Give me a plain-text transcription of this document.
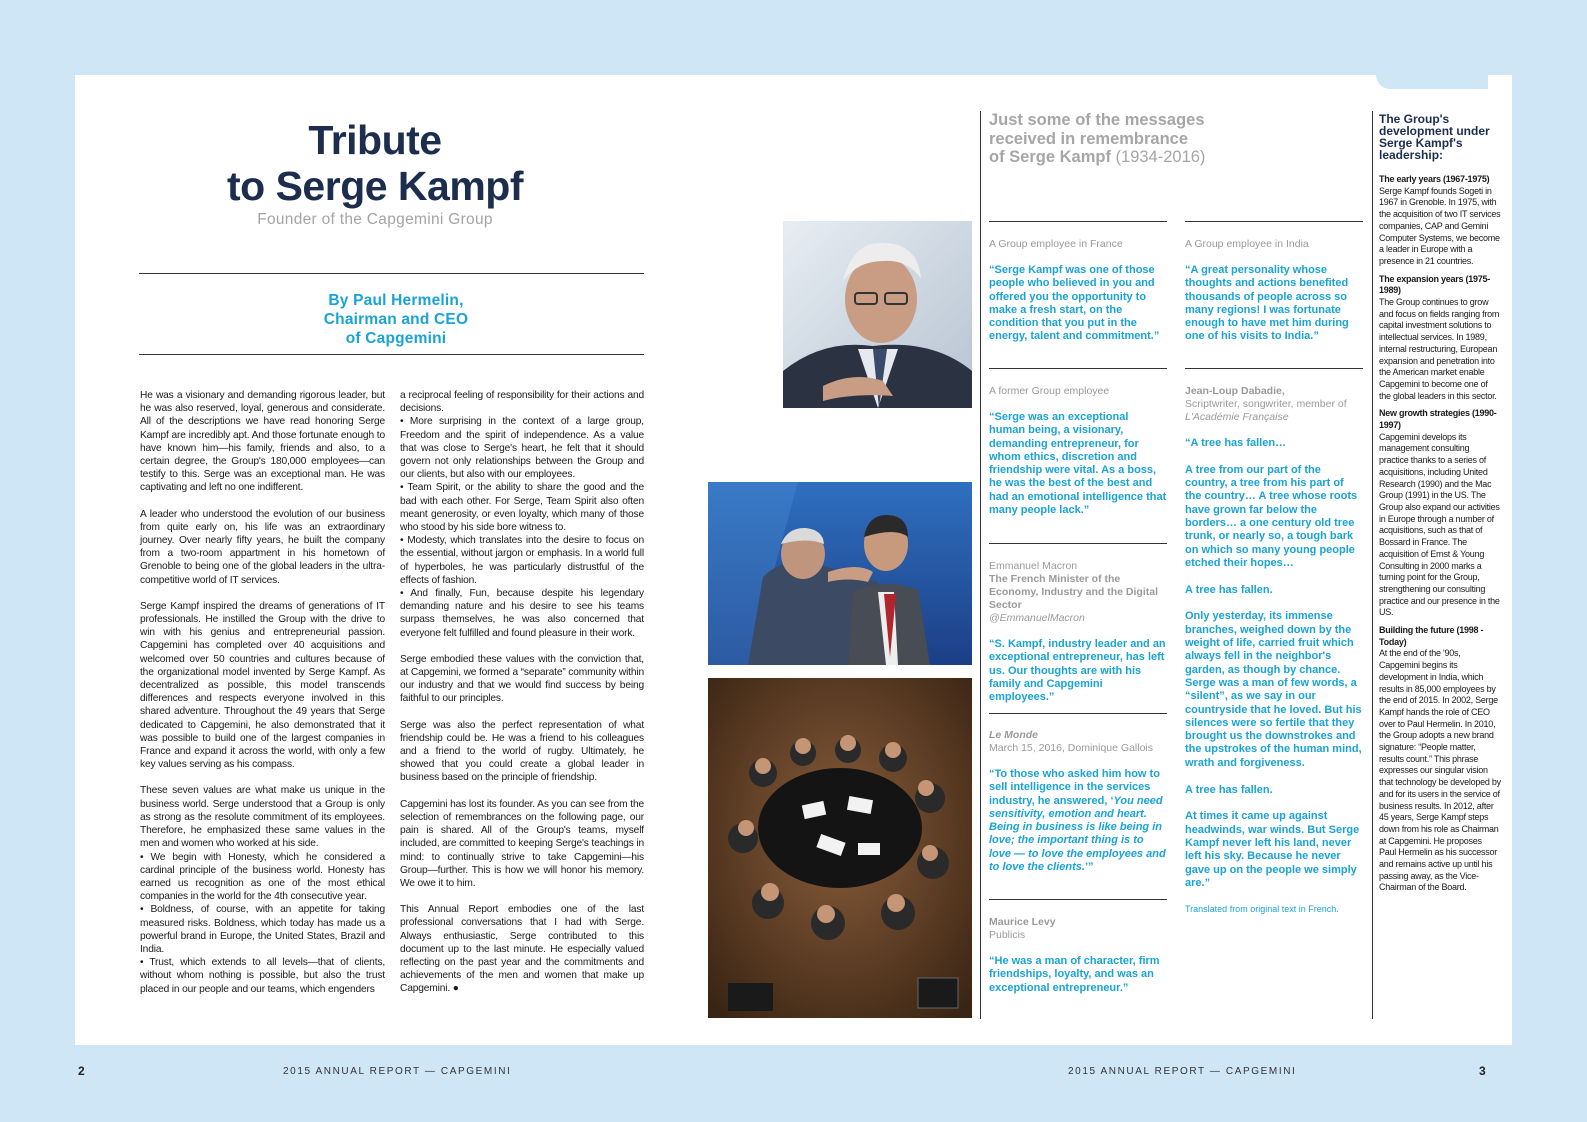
Tribute
to Serge Kampf
Founder of the Capgemini Group
By Paul Hermelin,
Chairman and CEO
of Capgemini

He was a visionary and demanding rigorous leader, but he was also reserved, loyal, generous and considerate. All of the descriptions we have read honoring Serge Kampf are incredibly apt. And those fortunate enough to have known him—his family, friends and also, to a certain degree, the Group's 180,000 employees—can testify to this. Serge was an exceptional man. He was captivating and left no one indifferent.

A leader who understood the evolution of our business from quite early on, his life was an extraordinary journey. Over nearly fifty years, he built the company from a two-room appartment in his hometown of Grenoble to being one of the global leaders in the ultra-competitive world of IT services.

Serge Kampf inspired the dreams of generations of IT professionals. He instilled the Group with the drive to win with his genius and entrepreneurial passion. Capgemini has completed over 40 acquisitions and welcomed over 50 countries and cultures because of the organizational model invented by Serge Kampf. As decentralized as possible, this model transcends differences and respects everyone involved in this shared adventure. Throughout the 49 years that Serge dedicated to Capgemini, he also demonstrated that it was possible to build one of the largest companies in France and expand it across the world, with only a few key values serving as his compass.

These seven values are what make us unique in the business world. Serge understood that a Group is only as strong as the resolute commitment of its employees. Therefore, he emphasized these same values in the men and women who worked at his side.

• We begin with Honesty, which he considered a cardinal principle of the business world. Honesty has earned us recognition as one of the most ethical companies in the world for the 4th consecutive year.

• Boldness, of course, with an appetite for taking measured risks. Boldness, which today has made us a powerful brand in Europe, the United States, Brazil and India.

• Trust, which extends to all levels—that of clients, without whom nothing is possible, but also the trust placed in our people and our teams, which engenders

a reciprocal feeling of responsibility for their actions and decisions.

• More surprising in the context of a large group, Freedom and the spirit of independence. As a value that was close to Serge's heart, he felt that it should govern not only relationships between the Group and our clients, but also with our employees.

• Team Spirit, or the ability to share the good and the bad with each other. For Serge, Team Spirit also often meant generosity, or even loyalty, which many of those who stood by his side bore witness to.

• Modesty, which translates into the desire to focus on the essential, without jargon or emphasis. In a world full of hyperboles, he was particularly distrustful of the effects of fashion.

• And finally, Fun, because despite his legendary demanding nature and his desire to see his teams surpass themselves, he was also concerned that everyone felt fulfilled and found pleasure in their work.

Serge embodied these values with the conviction that, at Capgemini, we formed a “separate” community within our industry and that we would find success by being faithful to our principles.

Serge was also the perfect representation of what friendship could be. He was a friend to his colleagues and a friend to the world of rugby. Ultimately, he showed that you could create a global leader in business based on the principle of friendship.

Capgemini has lost its founder. As you can see from the selection of remembrances on the following page, our pain is shared. All of the Group's teams, myself included, are committed to keeping Serge's teachings in mind: to continually strive to take Capgemini—his Group—further. This is how we will honor his memory. We owe it to him.

This Annual Report embodies one of the last professional conversations that I had with Serge. Always enthusiastic, Serge contributed to this document up to the last minute. He especially valued reflecting on the past year and the commitments and achievements of the men and women that make up Capgemini. ●

Just some of the messages
received in remembrance
of Serge Kampf (1934-2016)
A Group employee in France
“Serge Kampf was one of those people who believed in you and offered you the opportunity to make a fresh start, on the condition that you put in the energy, talent and commitment.”
A former Group employee
“Serge was an exceptional human being, a visionary, demanding entrepreneur, for whom ethics, discretion and friendship were vital. As a boss, he was the best of the best and had an emotional intelligence that many people lack.”
Emmanuel Macron
The French Minister of the Economy, Industry and the Digital Sector
@EmmanuelMacron
“S. Kampf, industry leader and an exceptional entrepreneur, has left us. Our thoughts are with his family and Capgemini employees.”
Le Monde
March 15, 2016, Dominique Gallois
“To those who asked him how to sell intelligence in the services industry, he answered, ‘You need sensitivity, emotion and heart. Being in business is like being in love; the important thing is to love — to love the employees and to love the clients.’”
Maurice Levy
Publicis
“He was a man of character, firm friendships, loyalty, and was an exceptional entrepreneur.”
A Group employee in India
“A great personality whose thoughts and actions benefited thousands of people across so many regions! I was fortunate enough to have met him during one of his visits to India.”
Jean-Loup Dabadie,
Scriptwriter, songwriter, member of L'Académie Française

“A tree has fallen…

A tree from our part of the country, a tree from his part of the country… A tree whose roots have grown far below the borders… a one century old tree trunk, or nearly so, a tough bark on which so many young people etched their hopes…

A tree has fallen.

Only yesterday, its immense branches, weighed down by the weight of life, carried fruit which always fell in the neighbor's garden, as though by chance. Serge was a man of few words, a “silent”, as we say in our countryside that he loved. But his silences were so fertile that they brought us the downstrokes and the upstrokes of the human mind, wrath and forgiveness.

A tree has fallen.

At times it came up against headwinds, war winds. But Serge Kampf never left his land, never left his sky. Because he never gave up on the people we simply are.”

Translated from original text in French.
The Group's development under Serge Kampf's leadership:
The early years (1967-1975)

Serge Kampf founds Sogeti in 1967 in Grenoble. In 1975, with the acquisition of two IT services companies, CAP and Gemini Computer Systems, we become a leader in Europe with a presence in 21 countries.

The expansion years (1975-1989)

The Group continues to grow and focus on fields ranging from capital investment solutions to intellectual services. In 1989, internal restructuring, European expansion and penetration into the American market enable Capgemini to become one of the global leaders in this sector.

New growth strategies (1990-1997)

Capgemini develops its management consulting practice thanks to a series of acquisitions, including United Research (1990) and the Mac Group (1991) in the US. The Group also expand our activities in Europe through a number of acquisitions, such as that of Bossard in France. The acquisition of Ernst & Young Consulting in 2000 marks a turning point for the Group, strengthening our consulting practice and our presence in the US.

Building the future (1998 - Today)

At the end of the '90s, Capgemini begins its development in India, which results in 85,000 employees by the end of 2015. In 2002, Serge Kampf hands the role of CEO over to Paul Hermelin. In 2010, the Group adopts a new brand signature: “People matter, results count.” This phrase expresses our singular vision that technology be developed by and for its users in the service of business results. In 2012, after 45 years, Serge Kampf steps down from his role as Chairman at Capgemini. He proposes Paul Hermelin as his successor and remains active up until his passing away, as the Vice-Chairman of the Board.

2	2015 ANNUAL REPORT — CAPGEMINI	2015 ANNUAL REPORT — CAPGEMINI	3
